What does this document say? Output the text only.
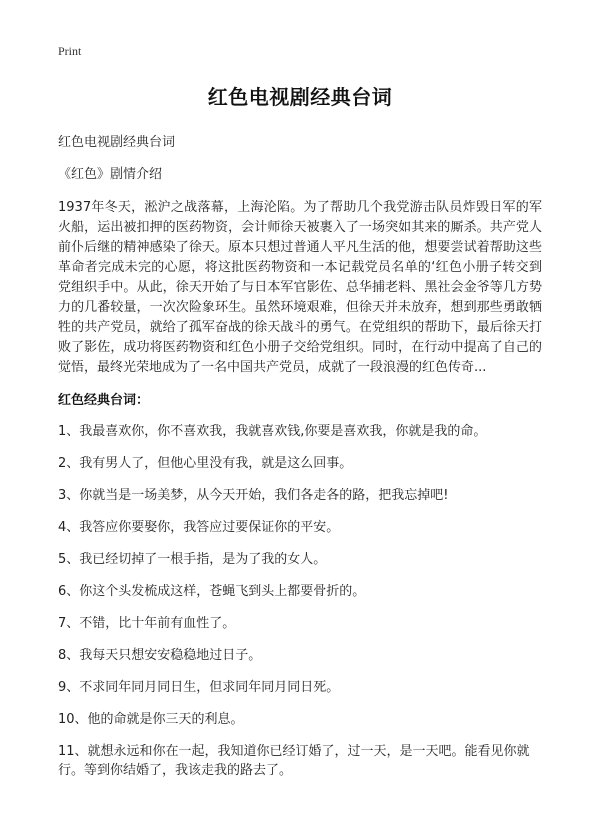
Print
红色电视剧经典台词
红色电视剧经典台词
《红色》剧情介绍

1937年冬天，淞沪之战落幕，上海沦陷。为了帮助几个我党游击队员炸毁日军的军火船，运出被扣押的医药物资，会计师徐天被裹入了一场突如其来的厮杀。共产党人前仆后继的精神感染了徐天。原本只想过普通人平凡生活的他，想要尝试着帮助这些革命者完成未完的心愿，将这批医药物资和一本记载党员名单的‘红色小册子转交到党组织手中。从此，徐天开始了与日本军官影佐、总华捕老料、黑社会金爷等几方势力的几番较量，一次次险象环生。虽然环境艰难，但徐天并未放弃，想到那些勇敢牺牲的共产党员，就给了孤军奋战的徐天战斗的勇气。在党组织的帮助下，最后徐天打败了影佐，成功将医药物资和红色小册子交给党组织。同时，在行动中提高了自己的觉悟，最终光荣地成为了一名中国共产党员，成就了一段浪漫的红色传奇...

红色经典台词：
1、我最喜欢你，你不喜欢我，我就喜欢钱,你要是喜欢我，你就是我的命。
2、我有男人了，但他心里没有我，就是这么回事。
3、你就当是一场美梦，从今天开始，我们各走各的路，把我忘掉吧!
4、我答应你要娶你，我答应过要保证你的平安。
5、我已经切掉了一根手指，是为了我的女人。
6、你这个头发梳成这样，苍蝇飞到头上都要骨折的。
7、不错，比十年前有血性了。
8、我每天只想安安稳稳地过日子。
9、不求同年同月同日生，但求同年同月同日死。
10、他的命就是你三天的利息。
11、就想永远和你在一起，我知道你已经订婚了，过一天，是一天吧。能看见你就行。等到你结婚了，我该走我的路去了。
